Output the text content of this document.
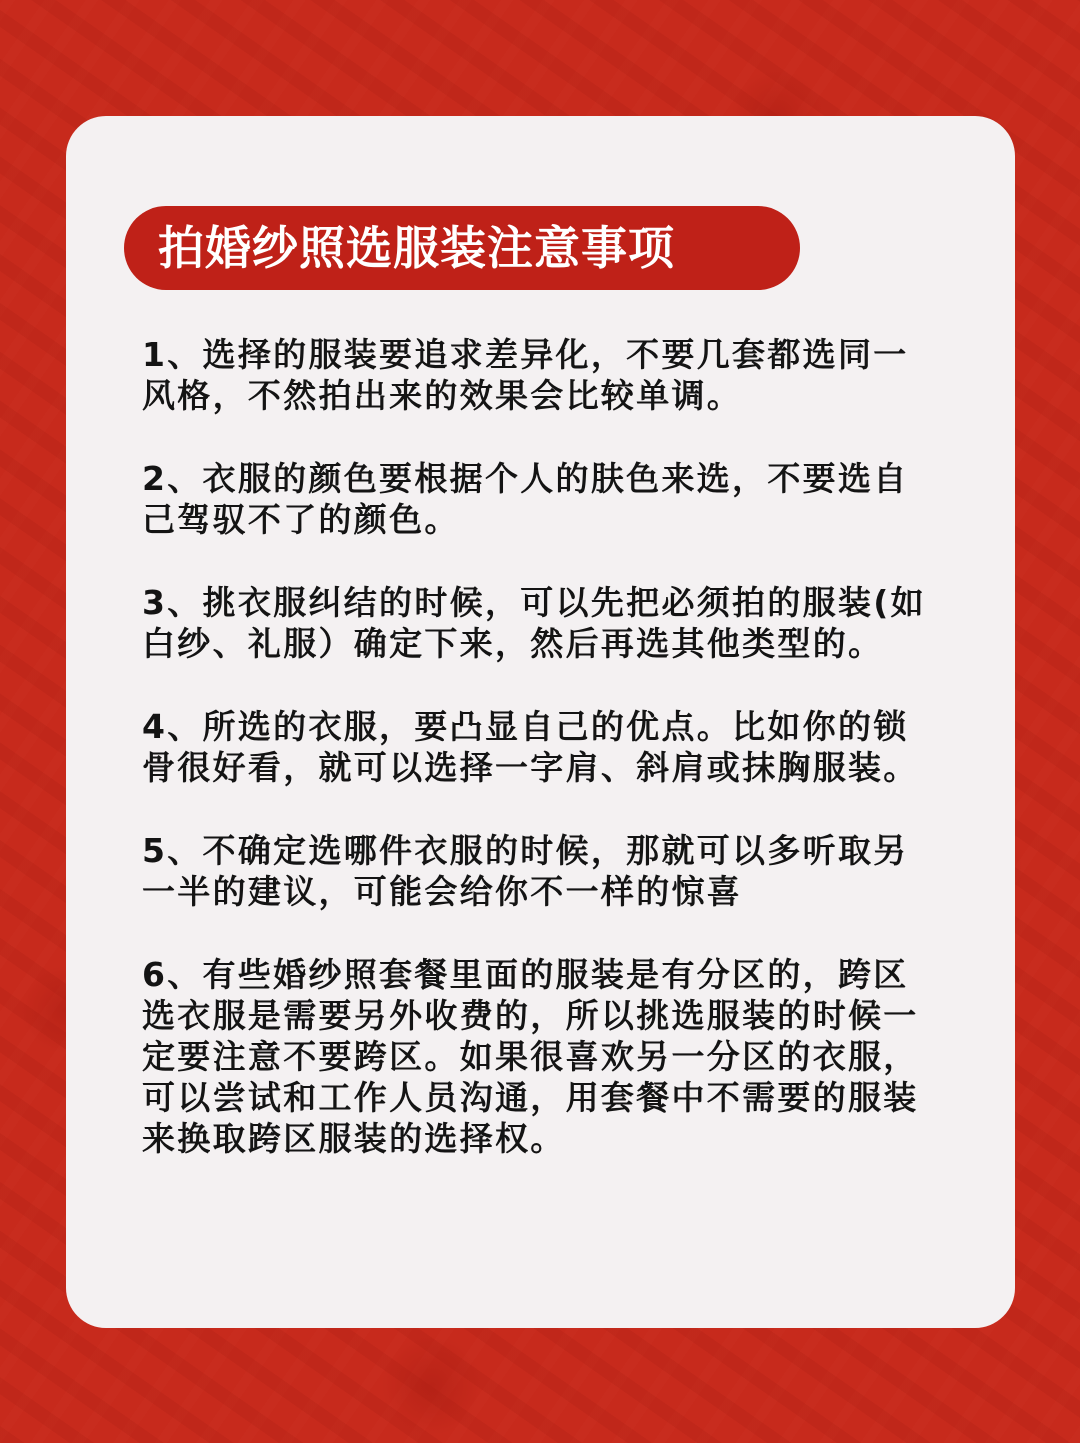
拍婚纱照选服装注意事项

1、选择的服装要追求差异化，不要几套都选同一风格，不然拍出来的效果会比较单调。

2、衣服的颜色要根据个人的肤色来选，不要选自己驾驭不了的颜色。

3、挑衣服纠结的时候，可以先把必须拍的服装(如白纱、礼服）确定下来，然后再选其他类型的。

4、所选的衣服，要凸显自己的优点。比如你的锁骨很好看，就可以选择一字肩、斜肩或抹胸服装。

5、不确定选哪件衣服的时候，那就可以多听取另一半的建议，可能会给你不一样的惊喜

6、有些婚纱照套餐里面的服装是有分区的，跨区选衣服是需要另外收费的，所以挑选服装的时候一定要注意不要跨区。如果很喜欢另一分区的衣服，可以尝试和工作人员沟通，用套餐中不需要的服装来换取跨区服装的选择权。
